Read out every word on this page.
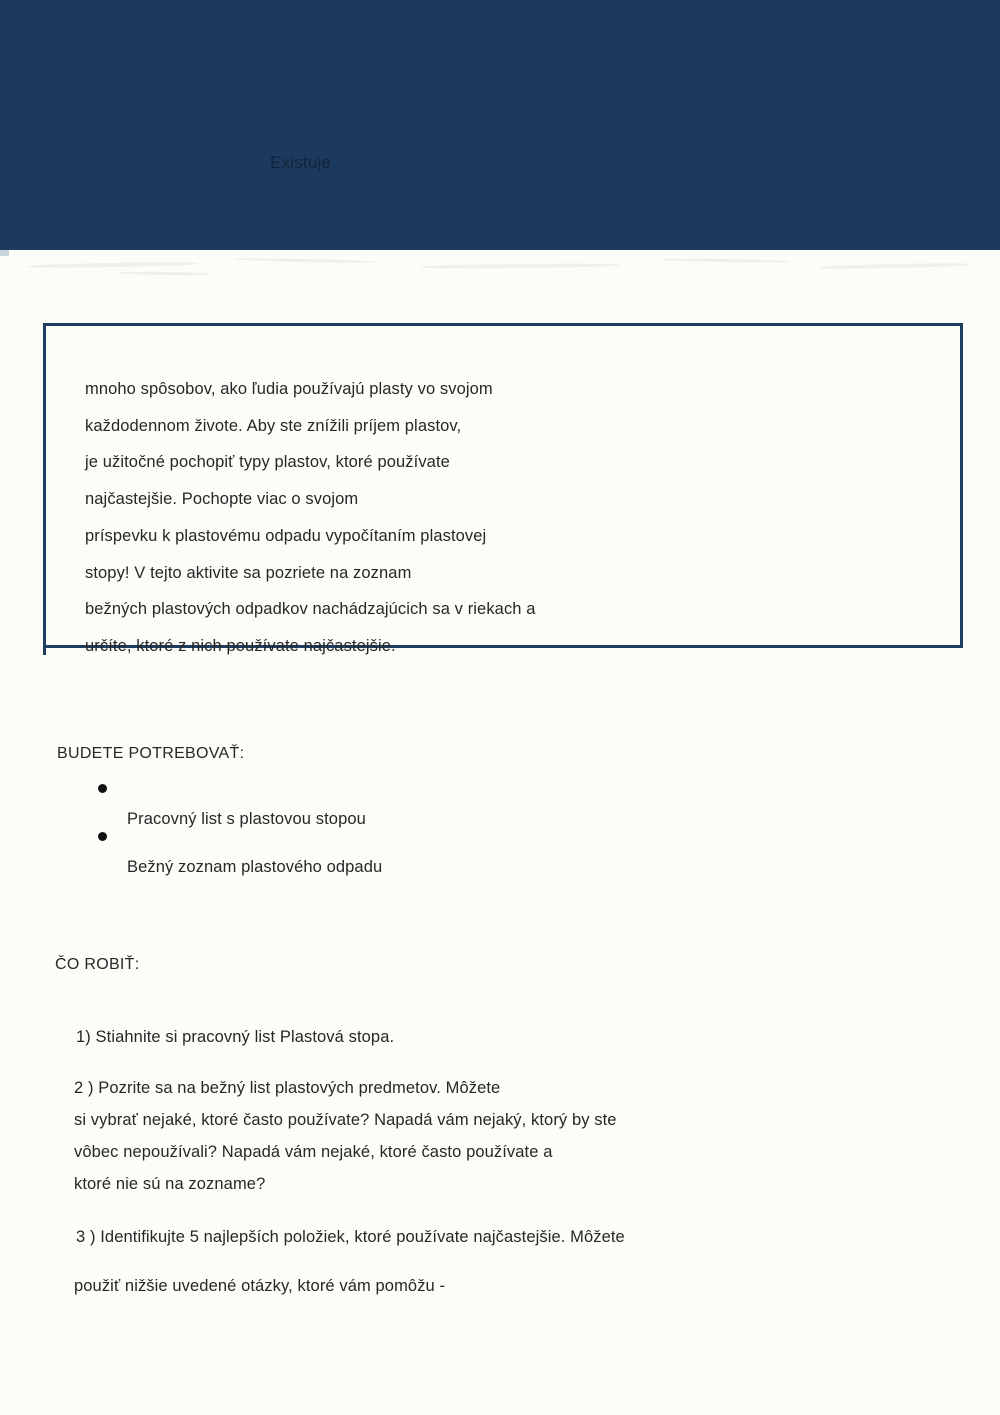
Existuje
mnoho spôsobov, ako ľudia používajú plasty vo svojom
každodennom živote. Aby ste znížili príjem plastov,
je užitočné pochopiť typy plastov, ktoré používate
najčastejšie. Pochopte viac o svojom
príspevku k plastovému odpadu vypočítaním plastovej
stopy! V tejto aktivite sa pozriete na zoznam
bežných plastových odpadkov nachádzajúcich sa v riekach a
určíte, ktoré z nich používate najčastejšie.
BUDETE POTREBOVAŤ:
Pracovný list s plastovou stopou
Bežný zoznam plastového odpadu
ČO ROBIŤ:
1) Stiahnite si pracovný list Plastová stopa.
2 ) Pozrite sa na bežný list plastových predmetov. Môžete
si vybrať nejaké, ktoré často používate? Napadá vám nejaký, ktorý by ste
vôbec nepoužívali? Napadá vám nejaké, ktoré často používate a
ktoré nie sú na zozname?
3 ) Identifikujte 5 najlepších položiek, ktoré používate najčastejšie. Môžete
použiť nižšie uvedené otázky, ktoré vám pomôžu -
